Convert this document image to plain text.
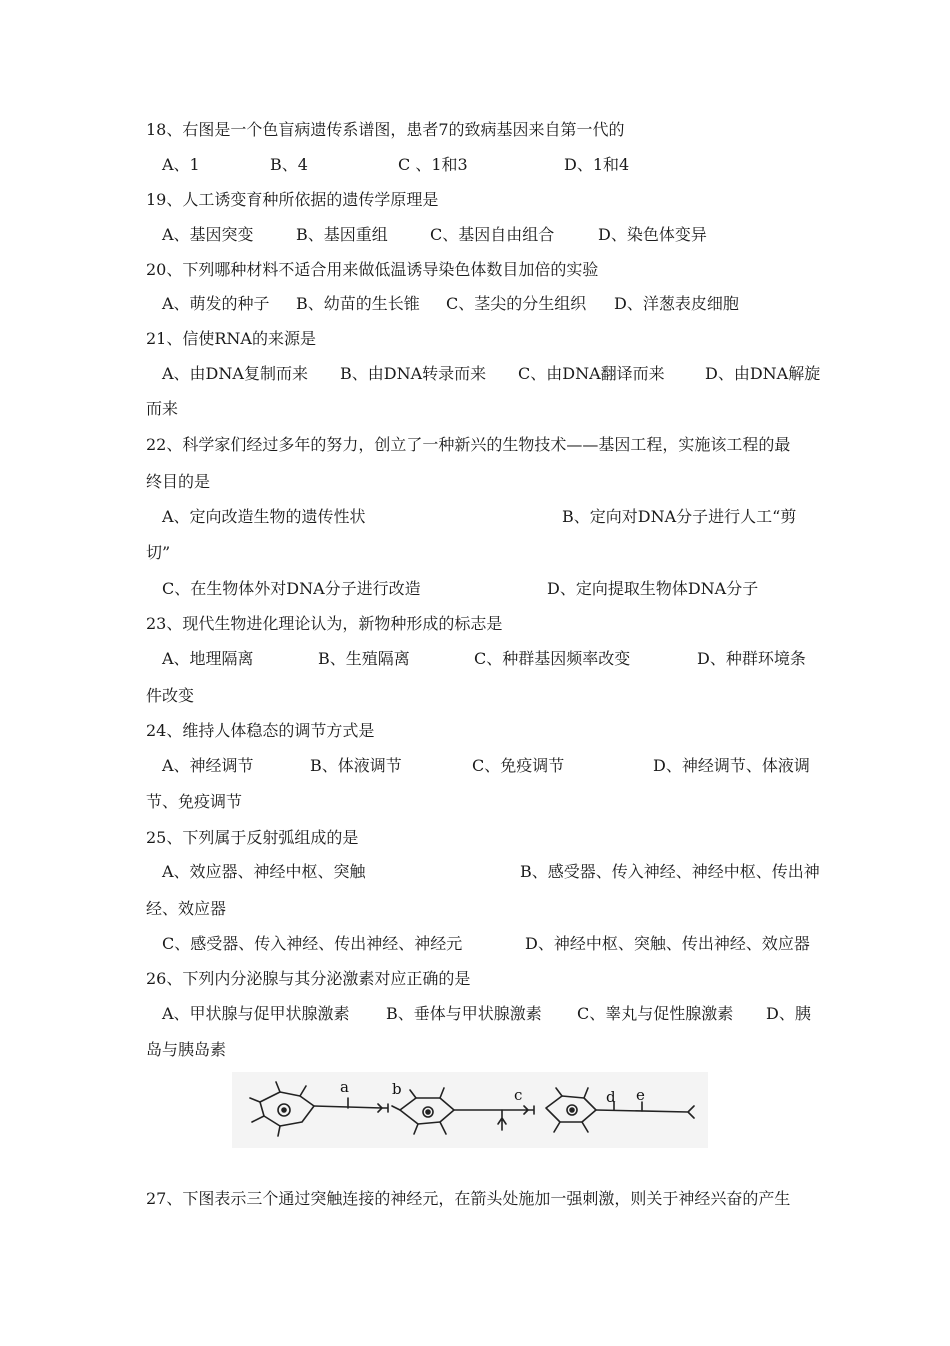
18、右图是一个色盲病遗传系谱图，患者7的致病基因来自第一代的
A、1	B、4	C 、1和3	D、1和4
19、人工诱变育种所依据的遗传学原理是
A、基因突变	B、基因重组	C、基因自由组合	D、染色体变异
20、下列哪种材料不适合用来做低温诱导染色体数目加倍的实验
A、萌发的种子 B、幼苗的生长锥 C、茎尖的分生组织 D、洋葱表皮细胞
21、信使RNA的来源是
A、由DNA复制而来 B、由DNA转录而来 C、由DNA翻译而来	D、由DNA解旋
而来
22、科学家们经过多年的努力，创立了一种新兴的生物技术——基因工程，实施该工程的最
终目的是
A、定向改造生物的遗传性状	B、定向对DNA分子进行人工“剪
切”
C、在生物体外对DNA分子进行改造	D、定向提取生物体DNA分子
23、现代生物进化理论认为，新物种形成的标志是
A、地理隔离	B、生殖隔离	C、种群基因频率改变	D、种群环境条
件改变
24、维持人体稳态的调节方式是
A、神经调节	B、体液调节	C、免疫调节	D、神经调节、体液调
节、免疫调节
25、下列属于反射弧组成的是
A、效应器、神经中枢、突触	B、感受器、传入神经、神经中枢、传出神
经、效应器
C、感受器、传入神经、传出神经、神经元	D、神经中枢、突触、传出神经、效应器
26、下列内分泌腺与其分泌激素对应正确的是
A、甲状腺与促甲状腺激素 B、垂体与甲状腺激素 C、睾丸与促性腺激素 D、胰
岛与胰岛素
a	b	c	d e
27、下图表示三个通过突触连接的神经元，在箭头处施加一强刺激，则关于神经兴奋的产生
